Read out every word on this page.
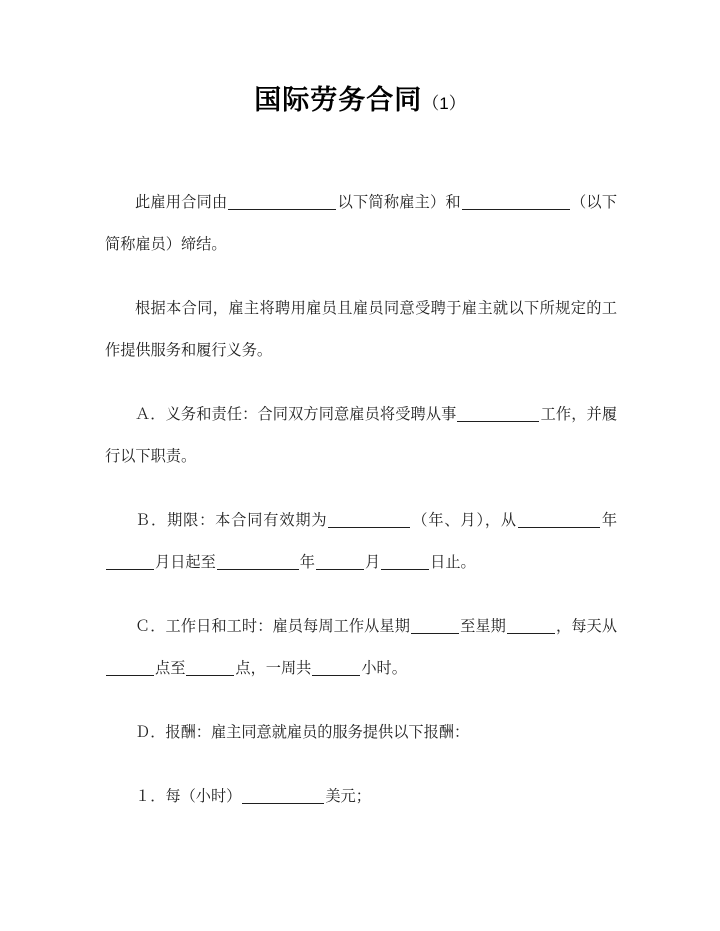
国际劳务合同（1）

此雇用合同由	以下简称雇主）和	（以下简称雇员）缔结。

根据本合同，雇主将聘用雇员且雇员同意受聘于雇主就以下所规定的工作提供服务和履行义务。

Ａ．义务和责任：合同双方同意雇员将受聘从事	工作，并履行以下职责。

Ｂ．期限：本合同有效期为	（年、月），从	年月日起至	年	月	日止。

Ｃ．工作日和工时：雇员每周工作从星期	至星期	，每天从点至	点，一周共	小时。

Ｄ．报酬：雇主同意就雇员的服务提供以下报酬：

１．每（小时）	美元；
